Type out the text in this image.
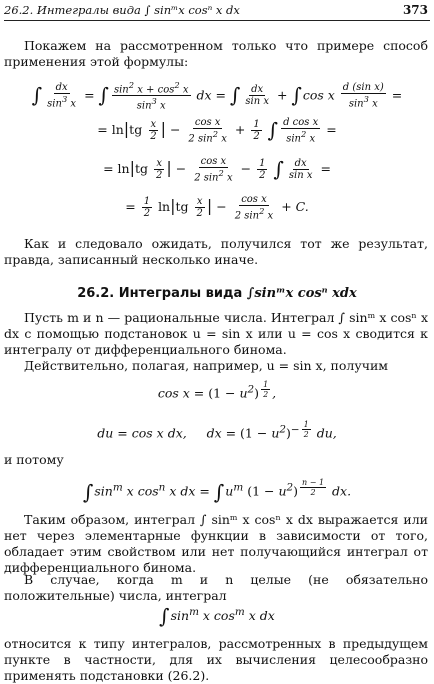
26.2. Интегралы вида ∫ sinᵐx cosⁿ x dx	373

Покажем на рассмотренном только что примере способ применения этой формулы:

∫ $\frac{dx}{\sin^3 x}$ = ∫ $\frac{\sin^2 x + \cos^2 x}{\sin^3 x}$ dx = ∫ $\frac{dx}{\text{sin x}} + \int\cos$ x $\frac{\text{d (sin x)}}{\sin^3 x}$ =
= $\ln|tg \frac{x}{2}$ | − $\frac{\text{cos x}}{2 \sin^2 x} + \frac{1}{2}$ ∫ $\frac{\text{d cos x}}{\sin^2 x}$ =
= $\ln|tg \frac{x}{2}$ | − $\frac{\text{cos x}}{2 \sin^2 x} - \frac{1}{2}$ ∫ $\frac{dx}{\text{sin x}}$ =
= $\frac{1}{2} \ln|tg \frac{x}{2}$ | − $\frac{\text{cos x}}{2 \sin^2 x} + C$.

Как и следовало ожидать, получился тот же результат, правда, записанный несколько иначе.

26.2. Интегралы вида ∫sinᵐx cosⁿ xdx

Пусть m и n — рациональные числа. Интеграл ∫ sinᵐ x cosⁿ x dx с помощью подстановок u = sin x или u = cos x сводится к интегралу от дифференциального бинома.

Действительно, полагая, например, u = sin x, получим

$\cos x = (1 - u^2)$ $^{\frac{1}{2}}$ ,
du = cos x dx,     dx = $(1 - u^2)^{- \frac{1}{2}}$ du,

и потому

$\int\sin^m$ x $\cos^n x$ dx = $\int u^m$ $(1 - u^2)$ $^{\frac{n - 1}{2}}$ dx.

Таким образом, интеграл ∫ sinᵐ x cosⁿ x dx выражается или нет через элементарные функции в зависимости от того, обладает этим свойством или нет получающийся интеграл от дифференциального бинома.

В случае, когда m и n целые (не обязательно положительные) числа, интеграл

$\int\sin^m$ x $\cos^m x$ dx

относится к типу интегралов, рассмотренных в предыдущем пункте в частности, для их вычисления целесообразно применять подстановки (26.2).
